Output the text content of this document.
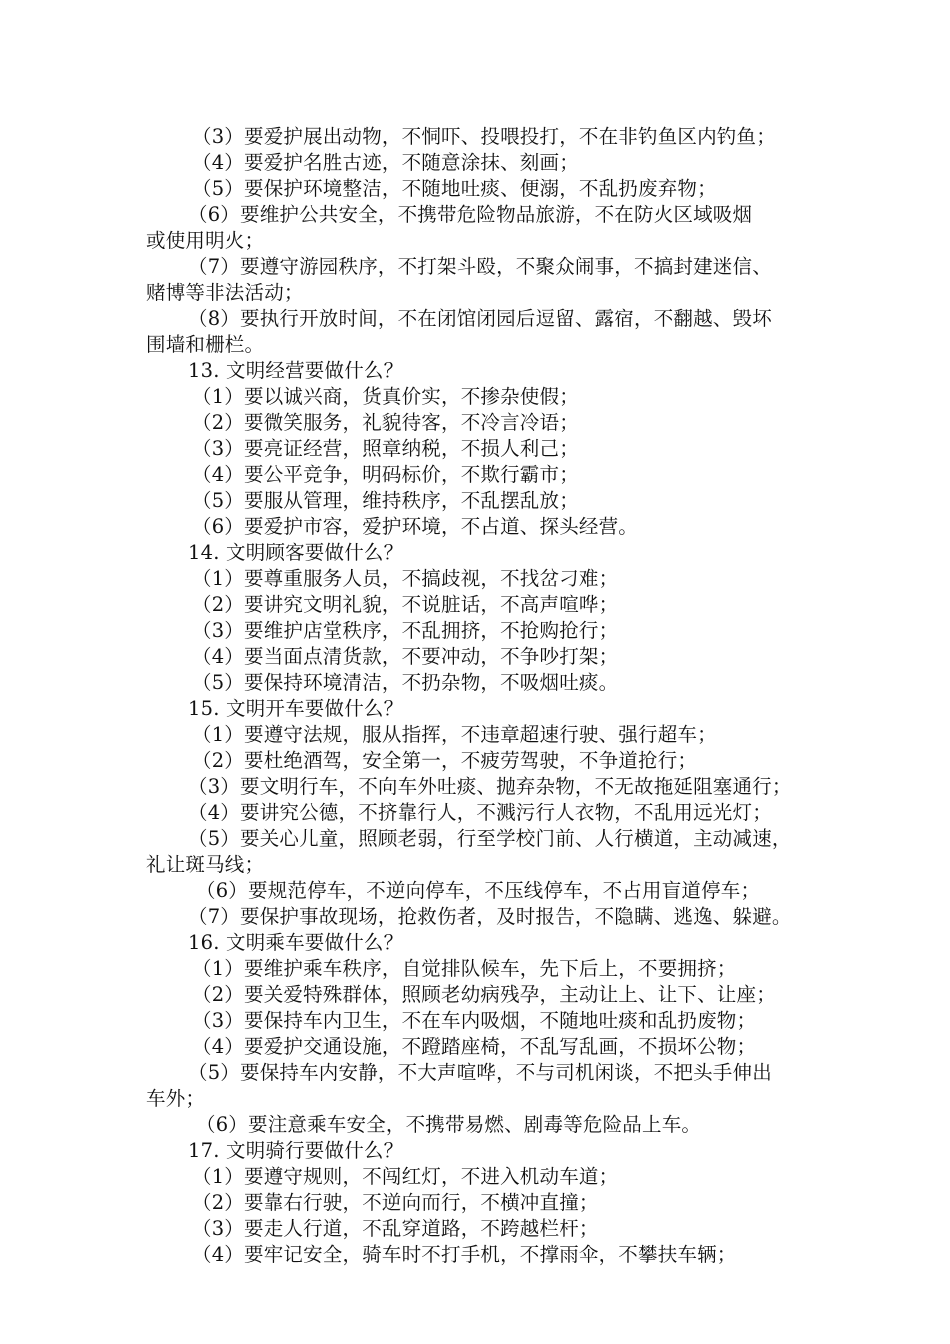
（3）要爱护展出动物，不恫吓、投喂投打，不在非钓鱼区内钓鱼；
（4）要爱护名胜古迹，不随意涂抹、刻画；
（5）要保护环境整洁，不随地吐痰、便溺，不乱扔废弃物；
（6）要维护公共安全，不携带危险物品旅游，不在防火区域吸烟
或使用明火；
（7）要遵守游园秩序，不打架斗殴，不聚众闹事，不搞封建迷信、
赌博等非法活动；
（8）要执行开放时间，不在闭馆闭园后逗留、露宿，不翻越、毁坏
围墙和栅栏。
13. 文明经营要做什么？
（1）要以诚兴商，货真价实，不掺杂使假；
（2）要微笑服务，礼貌待客，不冷言冷语；
（3）要亮证经营，照章纳税，不损人利己；
（4）要公平竞争，明码标价，不欺行霸市；
（5）要服从管理，维持秩序，不乱摆乱放；
（6）要爱护市容，爱护环境，不占道、探头经营。
14. 文明顾客要做什么？
（1）要尊重服务人员，不搞歧视，不找岔刁难；
（2）要讲究文明礼貌，不说脏话，不高声喧哗；
（3）要维护店堂秩序，不乱拥挤，不抢购抢行；
（4）要当面点清货款，不要冲动，不争吵打架；
（5）要保持环境清洁，不扔杂物，不吸烟吐痰。
15. 文明开车要做什么？
（1）要遵守法规，服从指挥，不违章超速行驶、强行超车；
（2）要杜绝酒驾，安全第一，不疲劳驾驶，不争道抢行；
（3）要文明行车，不向车外吐痰、抛弃杂物，不无故拖延阻塞通行；
（4）要讲究公德，不挤靠行人，不溅污行人衣物，不乱用远光灯；
（5）要关心儿童，照顾老弱，行至学校门前、人行横道，主动减速，
礼让斑马线；
（6）要规范停车，不逆向停车，不压线停车，不占用盲道停车；
（7）要保护事故现场，抢救伤者，及时报告，不隐瞒、逃逸、躲避。
16. 文明乘车要做什么？
（1）要维护乘车秩序，自觉排队候车，先下后上，不要拥挤；
（2）要关爱特殊群体，照顾老幼病残孕，主动让上、让下、让座；
（3）要保持车内卫生，不在车内吸烟，不随地吐痰和乱扔废物；
（4）要爱护交通设施，不蹬踏座椅，不乱写乱画，不损坏公物；
（5）要保持车内安静，不大声喧哗，不与司机闲谈，不把头手伸出
车外；
（6）要注意乘车安全，不携带易燃、剧毒等危险品上车。
17. 文明骑行要做什么？
（1）要遵守规则，不闯红灯，不进入机动车道；
（2）要靠右行驶，不逆向而行，不横冲直撞；
（3）要走人行道，不乱穿道路，不跨越栏杆；
（4）要牢记安全，骑车时不打手机，不撑雨伞，不攀扶车辆；
